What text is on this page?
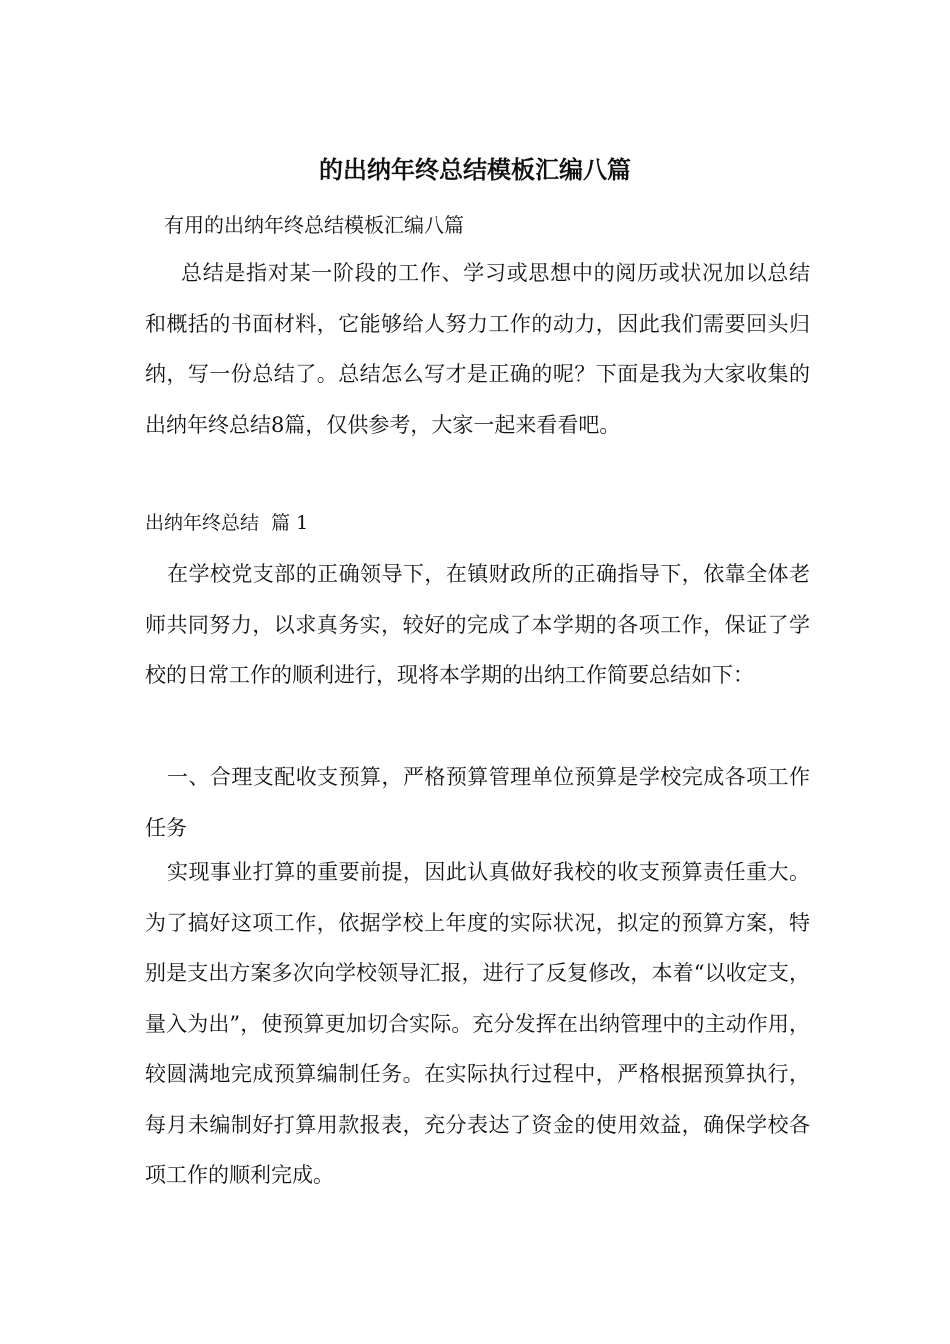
的出纳年终总结模板汇编八篇
有用的出纳年终总结模板汇编八篇

总结是指对某一阶段的工作、学习或思想中的阅历或状况加以总结和概括的书面材料，它能够给人努力工作的动力，因此我们需要回头归纳，写一份总结了。总结怎么写才是正确的呢？下面是我为大家收集的出纳年终总结8篇，仅供参考，大家一起来看看吧。

出纳年终总结  篇 1

在学校党支部的正确领导下，在镇财政所的正确指导下，依靠全体老师共同努力，以求真务实，较好的完成了本学期的各项工作，保证了学校的日常工作的顺利进行，现将本学期的出纳工作简要总结如下：

一、合理支配收支预算，严格预算管理单位预算是学校完成各项工作任务

实现事业打算的重要前提，因此认真做好我校的收支预算责任重大。为了搞好这项工作，依据学校上年度的实际状况，拟定的预算方案，特别是支出方案多次向学校领导汇报，进行了反复修改，本着“以收定支，量入为出”，使预算更加切合实际。充分发挥在出纳管理中的主动作用，较圆满地完成预算编制任务。在实际执行过程中，严格根据预算执行，每月未编制好打算用款报表，充分表达了资金的使用效益，确保学校各项工作的顺利完成。
